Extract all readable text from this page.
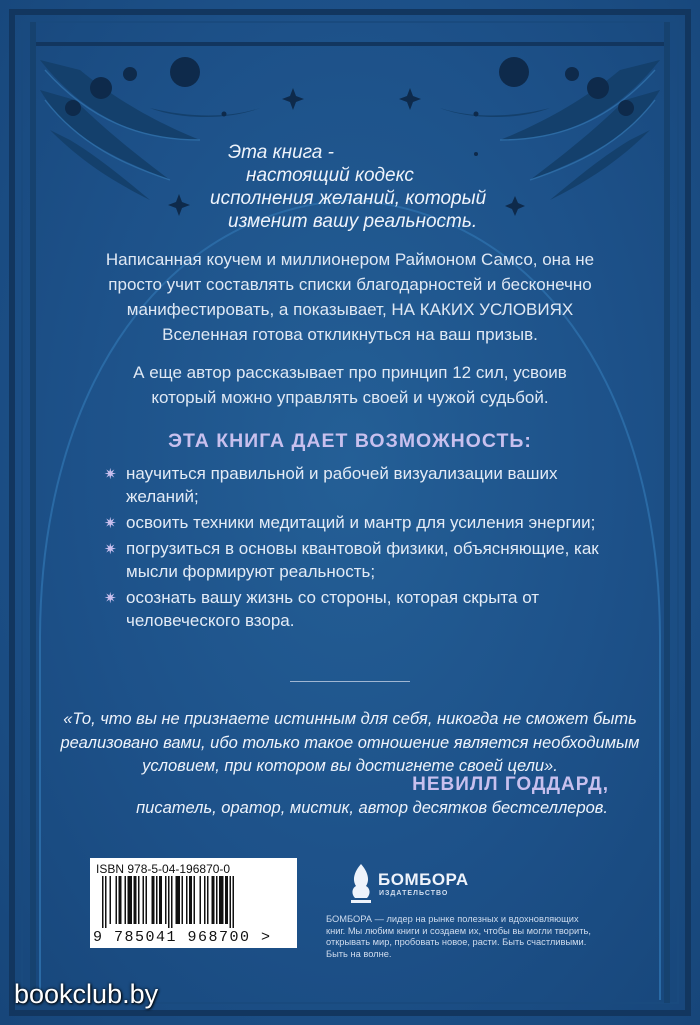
Эта книга -
настоящий кодекс
исполнения желаний, который
изменит вашу реальность.
Написанная коучем и миллионером Раймоном Самсо, она не просто учит составлять списки благодарностей и бесконечно манифестировать, а показывает, НА КАКИХ УСЛОВИЯХ Вселенная готова откликнуться на ваш призыв.
А еще автор рассказывает про принцип 12 сил, усвоив который можно управлять своей и чужой судьбой.
ЭТА КНИГА ДАЕТ ВОЗМОЖНОСТЬ:
✷ научиться правильной и рабочей визуализации ваших желаний;
✷ освоить техники медитаций и мантр для усиления энергии;
✷ погрузиться в основы квантовой физики, объясняющие, как мысли формируют реальность;
✷ осознать вашу жизнь со стороны, которая скрыта от человеческого взора.
«То, что вы не признаете истинным для себя, никогда не сможет быть реализовано вами, ибо только такое отношение является необходимым условием, при котором вы достигнете своей цели».
НЕВИЛЛ ГОДДАРД,
писатель, оратор, мистик, автор десятков бестселлеров.
ISBN 978-5-04-196870-0
9 785041 968700 >
БОМБОРА
ИЗДАТЕЛЬСТВО
БОМБОРА — лидер на рынке полезных и вдохновляющих книг. Мы любим книги и создаем их, чтобы вы могли творить, открывать мир, пробовать новое, расти. Быть счастливыми. Быть на волне.
bookclub.by
